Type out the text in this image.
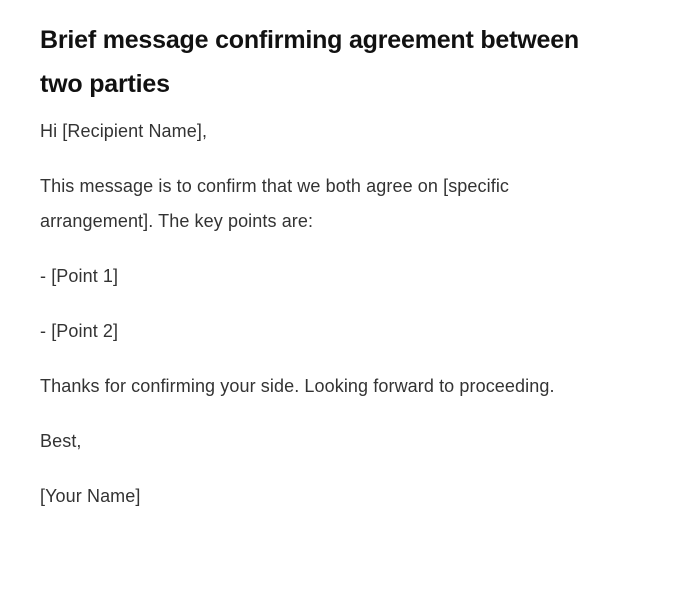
Brief message confirming agreement between two parties

Hi [Recipient Name],

This message is to confirm that we both agree on [specific arrangement]. The key points are:

- [Point 1]

- [Point 2]

Thanks for confirming your side. Looking forward to proceeding.

Best,

[Your Name]
